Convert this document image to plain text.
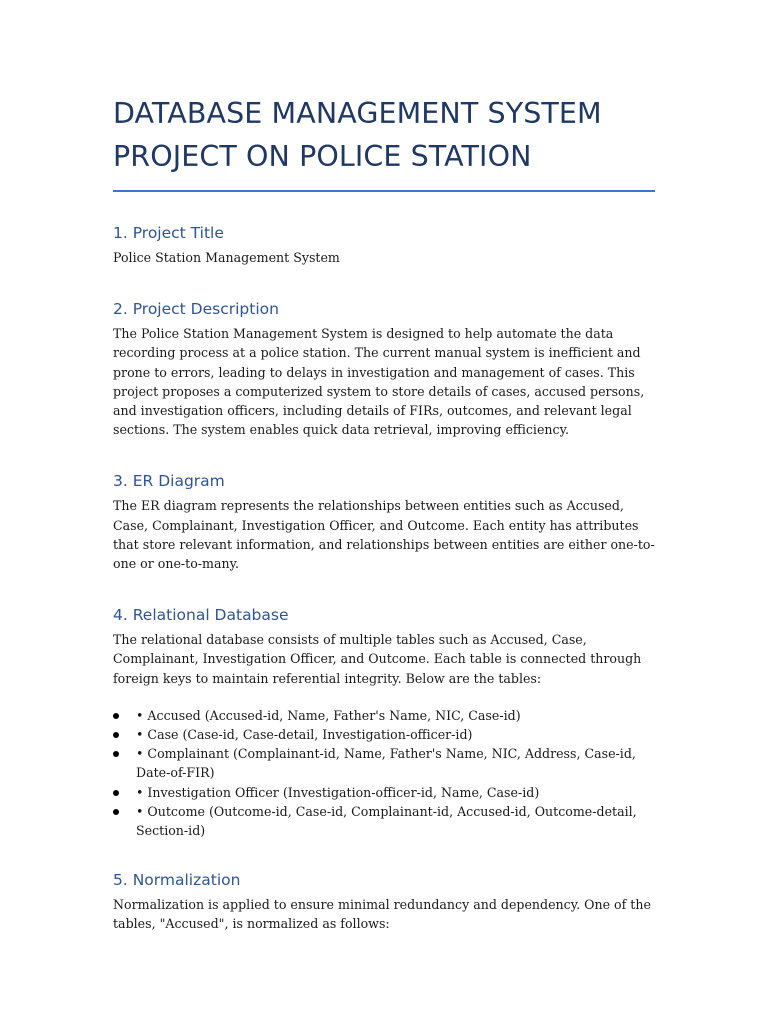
DATABASE MANAGEMENT SYSTEM
PROJECT ON POLICE STATION
1. Project Title

Police Station Management System

2. Project Description

The Police Station Management System is designed to help automate the data recording process at a police station. The current manual system is inefficient and prone to errors, leading to delays in investigation and management of cases. This project proposes a computerized system to store details of cases, accused persons, and investigation officers, including details of FIRs, outcomes, and relevant legal sections. The system enables quick data retrieval, improving efficiency.

3. ER Diagram

The ER diagram represents the relationships between entities such as Accused, Case, Complainant, Investigation Officer, and Outcome. Each entity has attributes that store relevant information, and relationships between entities are either one-to-one or one-to-many.

4. Relational Database

The relational database consists of multiple tables such as Accused, Case, Complainant, Investigation Officer, and Outcome. Each table is connected through foreign keys to maintain referential integrity. Below are the tables:

• Accused (Accused-id, Name, Father's Name, NIC, Case-id)
• Case (Case-id, Case-detail, Investigation-officer-id)
• Complainant (Complainant-id, Name, Father's Name, NIC, Address, Case-id, Date-of-FIR)
• Investigation Officer (Investigation-officer-id, Name, Case-id)
• Outcome (Outcome-id, Case-id, Complainant-id, Accused-id, Outcome-detail, Section-id)
5. Normalization

Normalization is applied to ensure minimal redundancy and dependency. One of the tables, "Accused", is normalized as follows:
